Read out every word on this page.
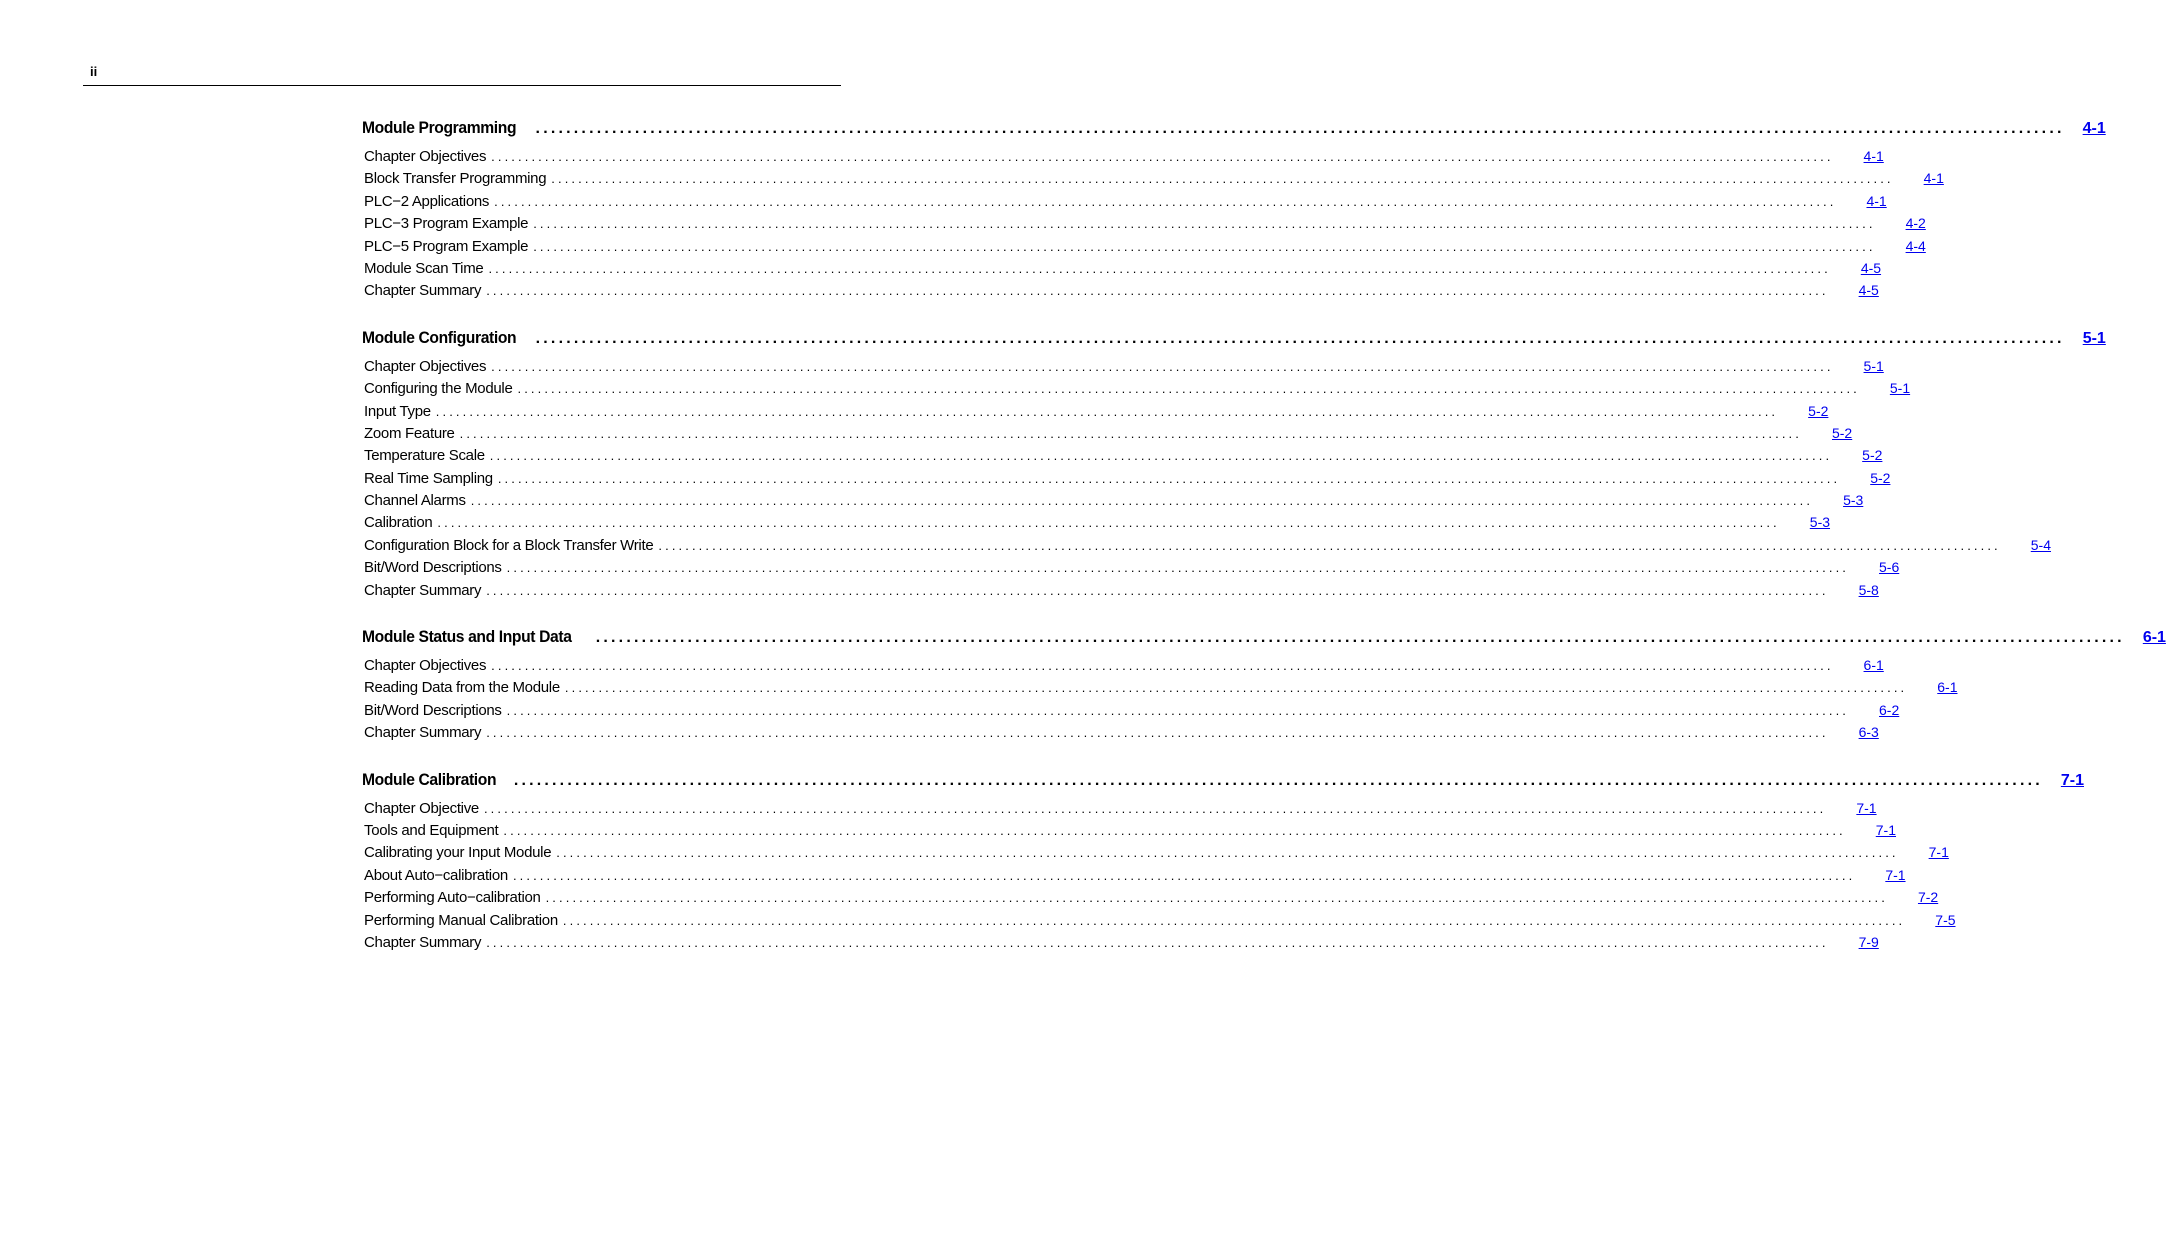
ii
Module Programming ........................................................................................................................................................................................................ 4-1
Chapter Objectives ........................................................................................................................................................................................................ 4-1
Block Transfer Programming ........................................................................................................................................................................................................ 4-1
PLC−2 Applications ........................................................................................................................................................................................................ 4-1
PLC−3 Program Example ........................................................................................................................................................................................................ 4-2
PLC−5 Program Example ........................................................................................................................................................................................................ 4-4
Module Scan Time ........................................................................................................................................................................................................ 4-5
Chapter Summary ........................................................................................................................................................................................................ 4-5
Module Configuration ........................................................................................................................................................................................................ 5-1
Chapter Objectives ........................................................................................................................................................................................................ 5-1
Configuring the Module ........................................................................................................................................................................................................ 5-1
Input Type ........................................................................................................................................................................................................ 5-2
Zoom Feature ........................................................................................................................................................................................................ 5-2
Temperature Scale ........................................................................................................................................................................................................ 5-2
Real Time Sampling ........................................................................................................................................................................................................ 5-2
Channel Alarms ........................................................................................................................................................................................................ 5-3
Calibration ........................................................................................................................................................................................................ 5-3
Configuration Block for a Block Transfer Write ........................................................................................................................................................................................................ 5-4
Bit/Word Descriptions ........................................................................................................................................................................................................ 5-6
Chapter Summary ........................................................................................................................................................................................................ 5-8
Module Status and Input Data ........................................................................................................................................................................................................ 6-1
Chapter Objectives ........................................................................................................................................................................................................ 6-1
Reading Data from the Module ........................................................................................................................................................................................................ 6-1
Bit/Word Descriptions ........................................................................................................................................................................................................ 6-2
Chapter Summary ........................................................................................................................................................................................................ 6-3
Module Calibration ........................................................................................................................................................................................................ 7-1
Chapter Objective ........................................................................................................................................................................................................ 7-1
Tools and Equipment ........................................................................................................................................................................................................ 7-1
Calibrating your Input Module ........................................................................................................................................................................................................ 7-1
About Auto−calibration ........................................................................................................................................................................................................ 7-1
Performing Auto−calibration ........................................................................................................................................................................................................ 7-2
Performing Manual Calibration ........................................................................................................................................................................................................ 7-5
Chapter Summary ........................................................................................................................................................................................................ 7-9
